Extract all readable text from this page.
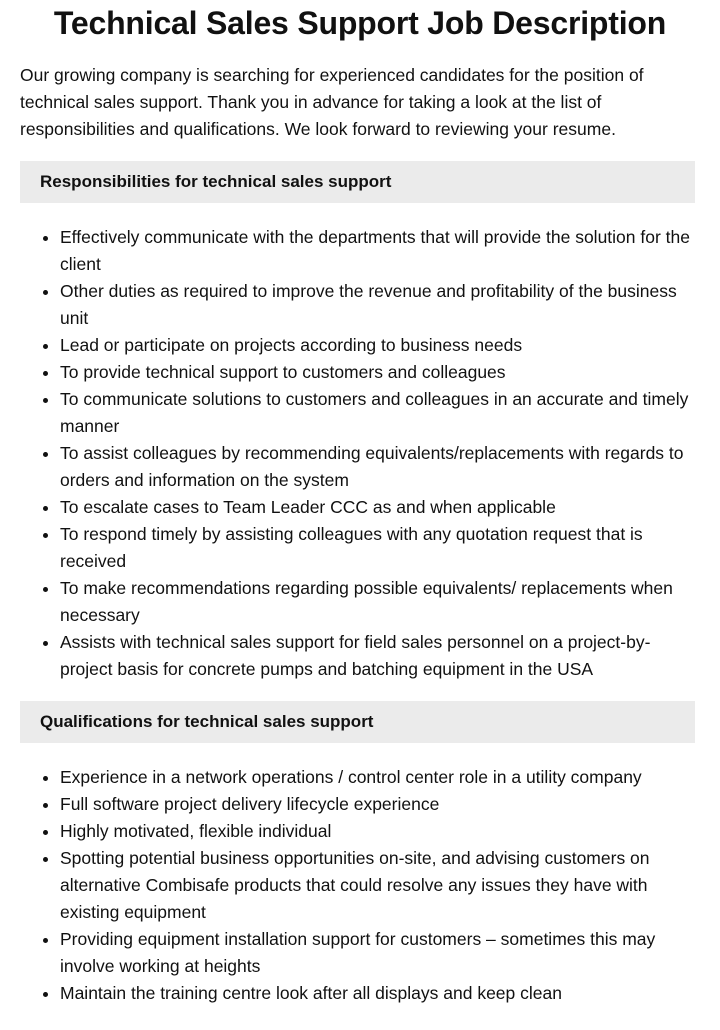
Technical Sales Support Job Description

Our growing company is searching for experienced candidates for the position of technical sales support. Thank you in advance for taking a look at the list of responsibilities and qualifications. We look forward to reviewing your resume.

Responsibilities for technical sales support
• Effectively communicate with the departments that will provide the solution for the client
• Other duties as required to improve the revenue and profitability of the business unit
• Lead or participate on projects according to business needs
• To provide technical support to customers and colleagues
• To communicate solutions to customers and colleagues in an accurate and timely manner
• To assist colleagues by recommending equivalents/replacements with regards to orders and information on the system
• To escalate cases to Team Leader CCC as and when applicable
• To respond timely by assisting colleagues with any quotation request that is received
• To make recommendations regarding possible equivalents/ replacements when necessary
• Assists with technical sales support for field sales personnel on a project-by-project basis for concrete pumps and batching equipment in the USA
Qualifications for technical sales support
• Experience in a network operations / control center role in a utility company
• Full software project delivery lifecycle experience
• Highly motivated, flexible individual
• Spotting potential business opportunities on-site, and advising customers on alternative Combisafe products that could resolve any issues they have with existing equipment
• Providing equipment installation support for customers – sometimes this may involve working at heights
• Maintain the training centre look after all displays and keep clean
